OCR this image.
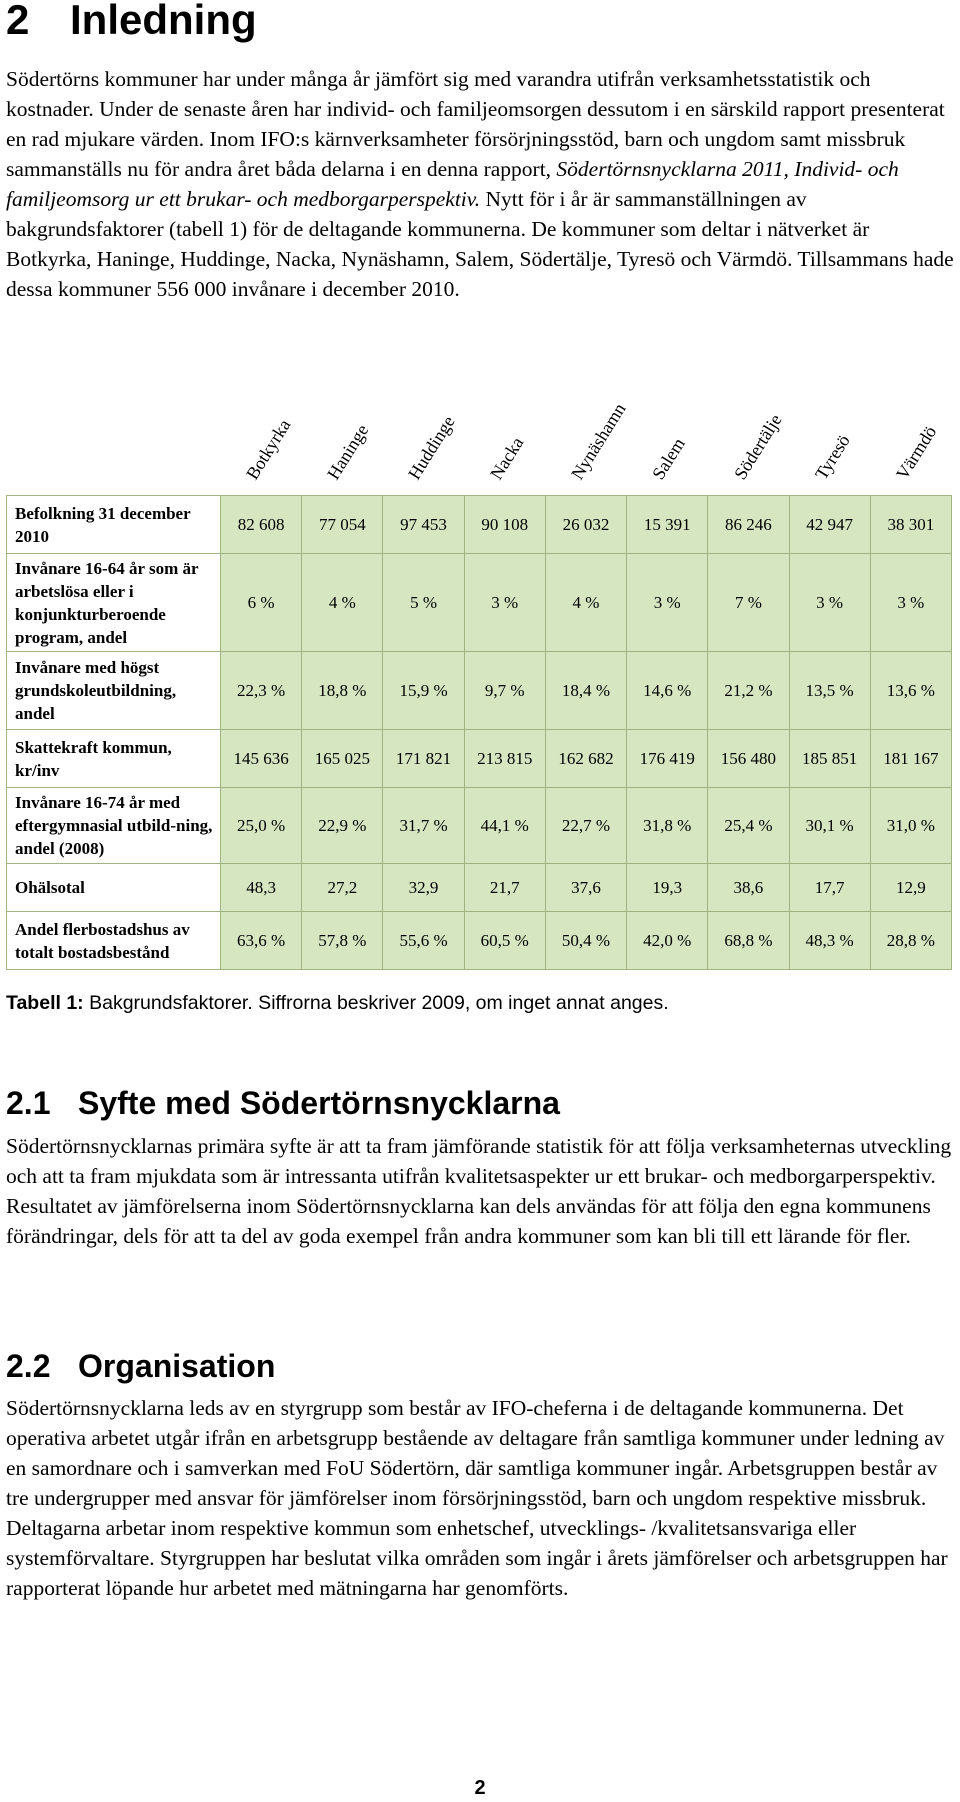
2 Inledning

Södertörns kommuner har under många år jämfört sig med varandra utifrån verksamhetsstatistik och kostnader. Under de senaste åren har individ- och familjeomsorgen dessutom i en särskild rapport presenterat en rad mjukare värden. Inom IFO:s kärnverksamheter försörjningsstöd, barn och ungdom samt missbruk sammanställs nu för andra året båda delarna i en denna rapport, Södertörnsnycklarna 2011, Individ- och familjeomsorg ur ett brukar- och medborgarperspektiv. Nytt för i år är sammanställningen av bakgrundsfaktorer (tabell 1) för de deltagande kommunerna. De kommuner som deltar i nätverket är Botkyrka, Haninge, Huddinge, Nacka, Nynäshamn, Salem, Södertälje, Tyresö och Värmdö. Tillsammans hade dessa kommuner 556 000 invånare i december 2010.

Botkyrka Haninge Huddinge Nacka Nynäshamn Salem Södertälje Tyresö Värmdö
Befolkning 31 december 2010	82 608	77 054	97 453	90 108	26 032	15 391	86 246	42 947	38 301
Invånare 16-64 år som är arbetslösa eller i konjunkturberoende program, andel	6 %	4 %	5 %	3 %	4 %	3 %	7 %	3 %	3 %
Invånare med högst grundskoleutbildning, andel	22,3 %	18,8 %	15,9 %	9,7 %	18,4 %	14,6 %	21,2 %	13,5 %	13,6 %
Skattekraft kommun, kr/inv	145 636	165 025	171 821	213 815	162 682	176 419	156 480	185 851	181 167
Invånare 16-74 år med eftergymnasial utbild-ning, andel (2008)	25,0 %	22,9 %	31,7 %	44,1 %	22,7 %	31,8 %	25,4 %	30,1 %	31,0 %
Ohälsotal	48,3	27,2	32,9	21,7	37,6	19,3	38,6	17,7	12,9
Andel flerbostadshus av totalt bostadsbestånd	63,6 %	57,8 %	55,6 %	60,5 %	50,4 %	42,0 %	68,8 %	48,3 %	28,8 %

Tabell 1: Bakgrundsfaktorer. Siffrorna beskriver 2009, om inget annat anges.

2.1 Syfte med Södertörnsnycklarna

Södertörnsnycklarnas primära syfte är att ta fram jämförande statistik för att följa verksamheternas utveckling och att ta fram mjukdata som är intressanta utifrån kvalitetsaspekter ur ett brukar- och medborgarperspektiv. Resultatet av jämförelserna inom Södertörnsnycklarna kan dels användas för att följa den egna kommunens förändringar, dels för att ta del av goda exempel från andra kommuner som kan bli till ett lärande för fler.

2.2 Organisation

Södertörnsnycklarna leds av en styrgrupp som består av IFO-cheferna i de deltagande kommunerna. Det operativa arbetet utgår ifrån en arbetsgrupp bestående av deltagare från samtliga kommuner under ledning av en samordnare och i samverkan med FoU Södertörn, där samtliga kommuner ingår. Arbetsgruppen består av tre undergrupper med ansvar för jämförelser inom försörjningsstöd, barn och ungdom respektive missbruk. Deltagarna arbetar inom respektive kommun som enhetschef, utvecklings- /kvalitetsansvariga eller systemförvaltare. Styrgruppen har beslutat vilka områden som ingår i årets jämförelser och arbetsgruppen har rapporterat löpande hur arbetet med mätningarna har genomförts.

2
